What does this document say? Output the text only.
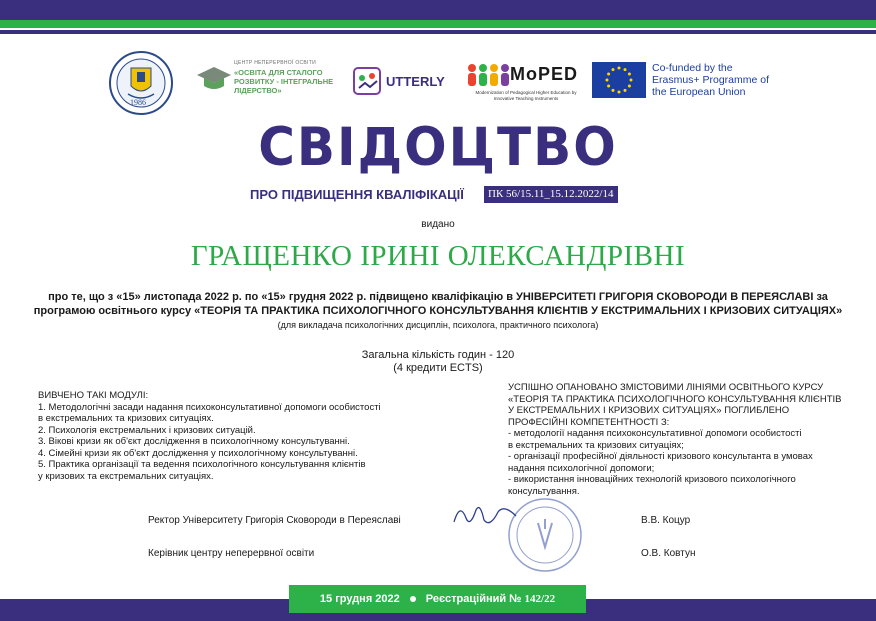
1986
ЦЕНТР НЕПЕРЕРВНОЇ ОСВІТИ
«ОСВІТА ДЛЯ СТАЛОГО РОЗВИТКУ - ІНТЕГРАЛЬНЕ ЛІДЕРСТВО»
UTTERLY	MoPED
Modernization of Pedagogical Higher Education by Innovative Teaching Instruments
Co-funded by the Erasmus+ Programme of the European Union
СВІДОЦТВО
ПРО ПІДВИЩЕННЯ КВАЛІФІКАЦІЇ	ПК 56/15.11_15.12.2022/14
видано
ГРАЩЕНКО ІРИНІ ОЛЕКСАНДРІВНІ
про те, що з «15» листопада 2022 р. по «15» грудня 2022 р. підвищено кваліфікацію в УНІВЕРСИТЕТІ ГРИГОРІЯ СКОВОРОДИ В ПЕРЕЯСЛАВІ за
програмою освітнього курсу «ТЕОРІЯ ТА ПРАКТИКА ПСИХОЛОГІЧНОГО КОНСУЛЬТУВАННЯ КЛІЄНТІВ У ЕКСТРИМАЛЬНИХ І КРИЗОВИХ СИТУАЦІЯХ»
(для викладача психологічних дисциплін, психолога, практичного психолога)
Загальна кількість годин - 120
(4 кредити ECTS)
ВИВЧЕНО ТАКІ МОДУЛІ:
1. Методологічні засади надання психоконсультативної допомоги особистості
в екстремальних та кризових ситуаціях.
2. Психологія екстремальних і кризових ситуацій.
3. Вікові кризи як об'єкт дослідження в психологічному консультуванні.
4. Сімейні кризи як об'єкт дослідження у психологічному консультуванні.
5. Практика організації та ведення психологічного консультування клієнтів
у кризових та екстремальних ситуаціях.
УСПІШНО ОПАНОВАНО ЗМІСТОВИМИ ЛІНІЯМИ ОСВІТНЬОГО КУРСУ
«ТЕОРІЯ ТА ПРАКТИКА ПСИХОЛОГІЧНОГО КОНСУЛЬТУВАННЯ КЛІЄНТІВ
У ЕКСТРЕМАЛЬНИХ І КРИЗОВИХ СИТУАЦІЯХ» ПОГЛИБЛЕНО
ПРОФЕСІЙНІ КОМПЕТЕНТНОСТІ З:
- методології надання психоконсультативної допомоги особистості
в екстремальних та кризових ситуаціях;
- організації професійної діяльності кризового консультанта в умовах
надання психологічної допомоги;
- використання інноваційних технологій кризового психологічного
консультування.
Ректор Університету Григорія Сковороди в Переяславі	В.В. Коцур
Керівник центру неперервної освіти	О.В. Ковтун
15 грудня 2022 Реєстраційний № 142/22
